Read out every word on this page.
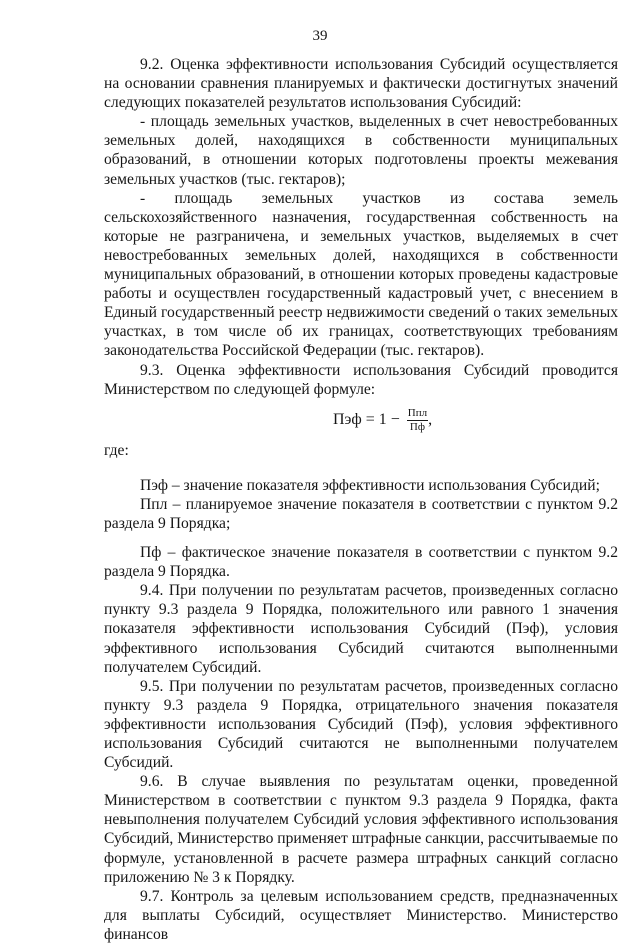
39

9.2. Оценка эффективности использования Субсидий осуществляется на основании сравнения планируемых и фактически достигнутых значений следующих показателей результатов использования Субсидий:

- площадь земельных участков, выделенных в счет невостребованных земельных долей, находящихся в собственности муниципальных образований, в отношении которых подготовлены проекты межевания земельных участков (тыс. гектаров);

- площадь земельных участков из состава земель сельскохозяйственного назначения, государственная собственность на которые не разграничена, и земельных участков, выделяемых в счет невостребованных земельных долей, находящихся в собственности муниципальных образований, в отношении которых проведены кадастровые работы и осуществлен государственный кадастровый учет, с внесением в Единый государственный реестр недвижимости сведений о таких земельных участках, в том числе об их границах, соответствующих требованиям законодательства Российской Федерации (тыс. гектаров).

9.3. Оценка эффективности использования Субсидий проводится Министерством по следующей формуле:

Пэф = $1 - \frac{\text{Ппл}}{Пф}$ ,

где:

Пэф – значение показателя эффективности использования Субсидий;

Ппл – планируемое значение показателя в соответствии с пунктом 9.2 раздела 9 Порядка;

Пф – фактическое значение показателя в соответствии с пунктом 9.2 раздела 9 Порядка.

9.4. При получении по результатам расчетов, произведенных согласно пункту 9.3 раздела 9 Порядка, положительного или равного 1 значения показателя эффективности использования Субсидий (Пэф), условия эффективного использования Субсидий считаются выполненными получателем Субсидий.

9.5. При получении по результатам расчетов, произведенных согласно пункту 9.3 раздела 9 Порядка, отрицательного значения показателя эффективности использования Субсидий (Пэф), условия эффективного использования Субсидий считаются не выполненными получателем Субсидий.

9.6. В случае выявления по результатам оценки, проведенной Министерством в соответствии с пунктом 9.3 раздела 9 Порядка, факта невыполнения получателем Субсидий условия эффективного использования Субсидий, Министерство применяет штрафные санкции, рассчитываемые по формуле, установленной в расчете размера штрафных санкций согласно приложению № 3 к Порядку.

9.7. Контроль за целевым использованием средств, предназначенных для выплаты Субсидий, осуществляет Министерство. Министерство финансов
